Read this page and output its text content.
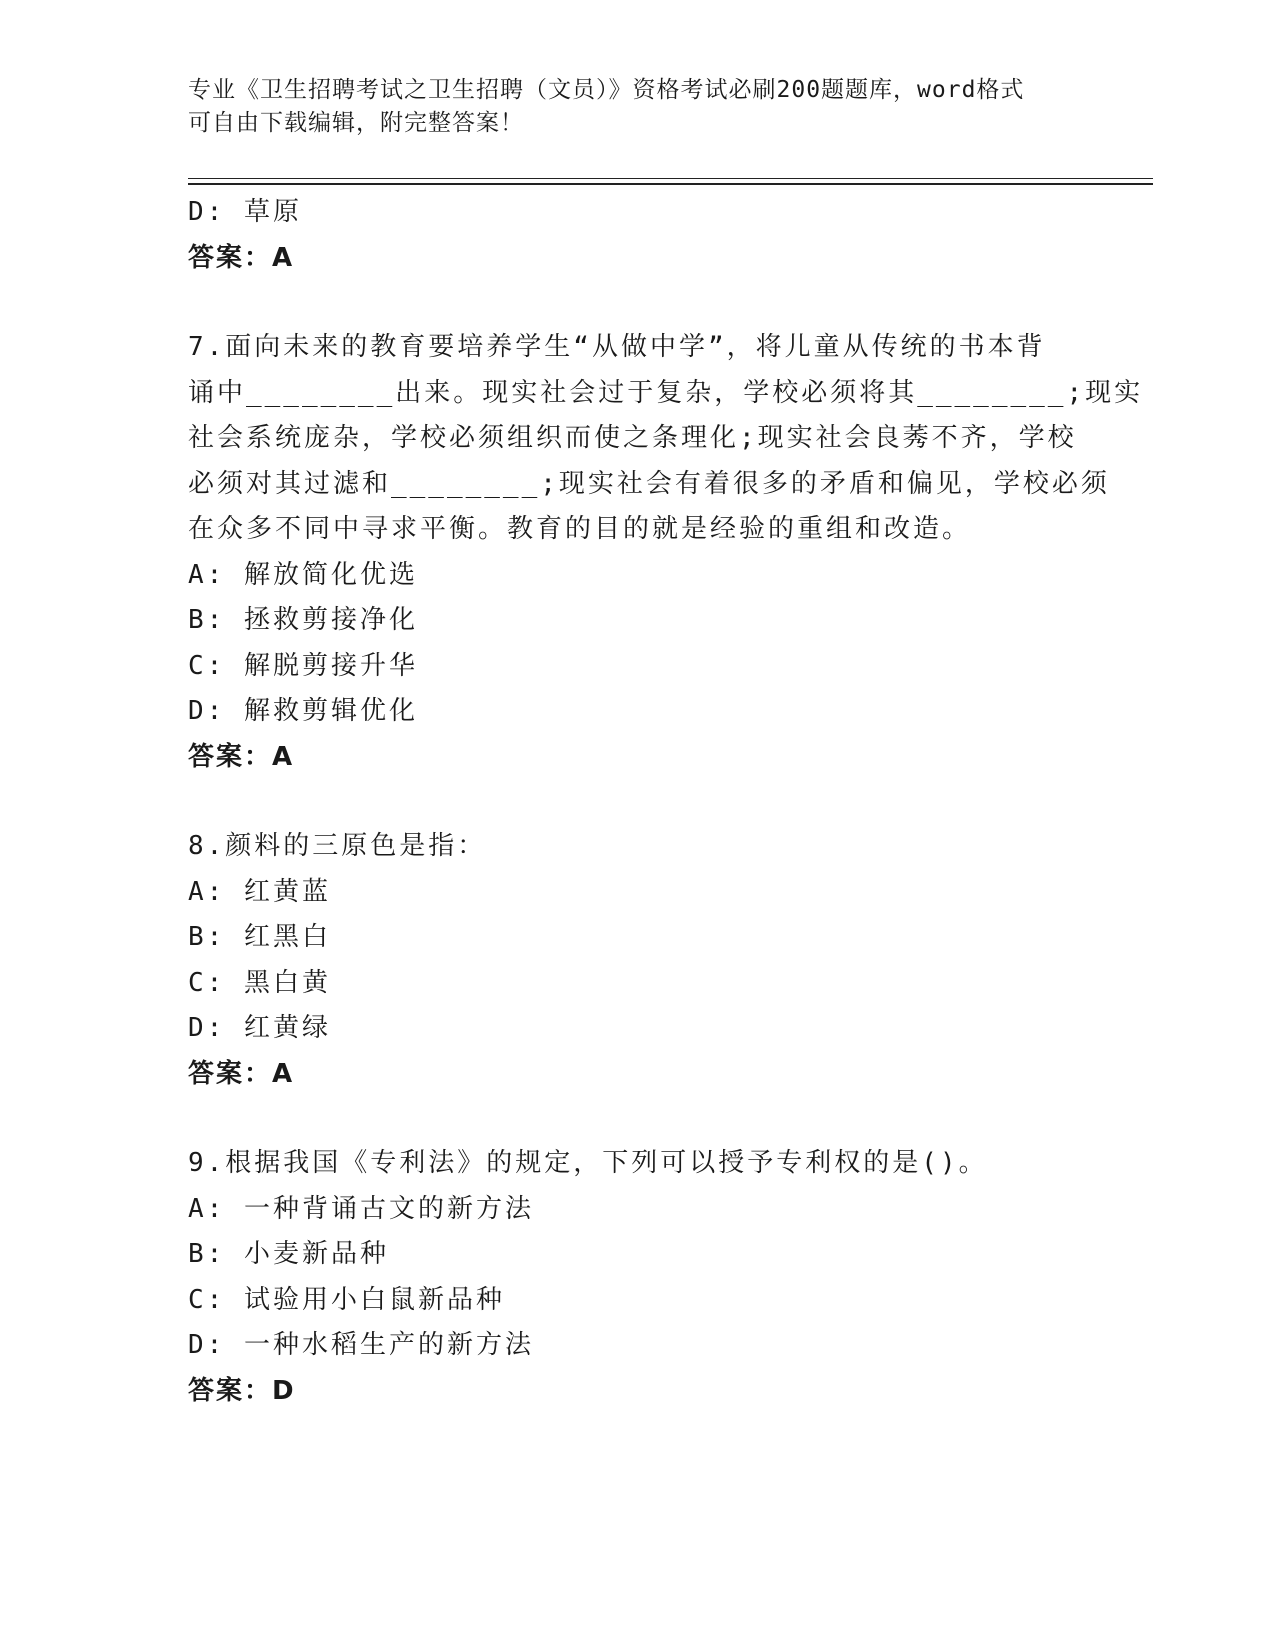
专业《卫生招聘考试之卫生招聘（文员）》资格考试必刷200题题库，word格式
可自由下载编辑，附完整答案！
D: 草原
答案：A
7.面向未来的教育要培养学生“从做中学”，将儿童从传统的书本背
诵中________出来。现实社会过于复杂，学校必须将其________;现实
社会系统庞杂，学校必须组织而使之条理化;现实社会良莠不齐，学校
必须对其过滤和________;现实社会有着很多的矛盾和偏见，学校必须
在众多不同中寻求平衡。教育的目的就是经验的重组和改造。
A: 解放简化优选
B: 拯救剪接净化
C: 解脱剪接升华
D: 解救剪辑优化
答案：A
8.颜料的三原色是指：
A: 红黄蓝
B: 红黑白
C: 黑白黄
D: 红黄绿
答案：A
9.根据我国《专利法》的规定，下列可以授予专利权的是()。
A: 一种背诵古文的新方法
B: 小麦新品种
C: 试验用小白鼠新品种
D: 一种水稻生产的新方法
答案：D
